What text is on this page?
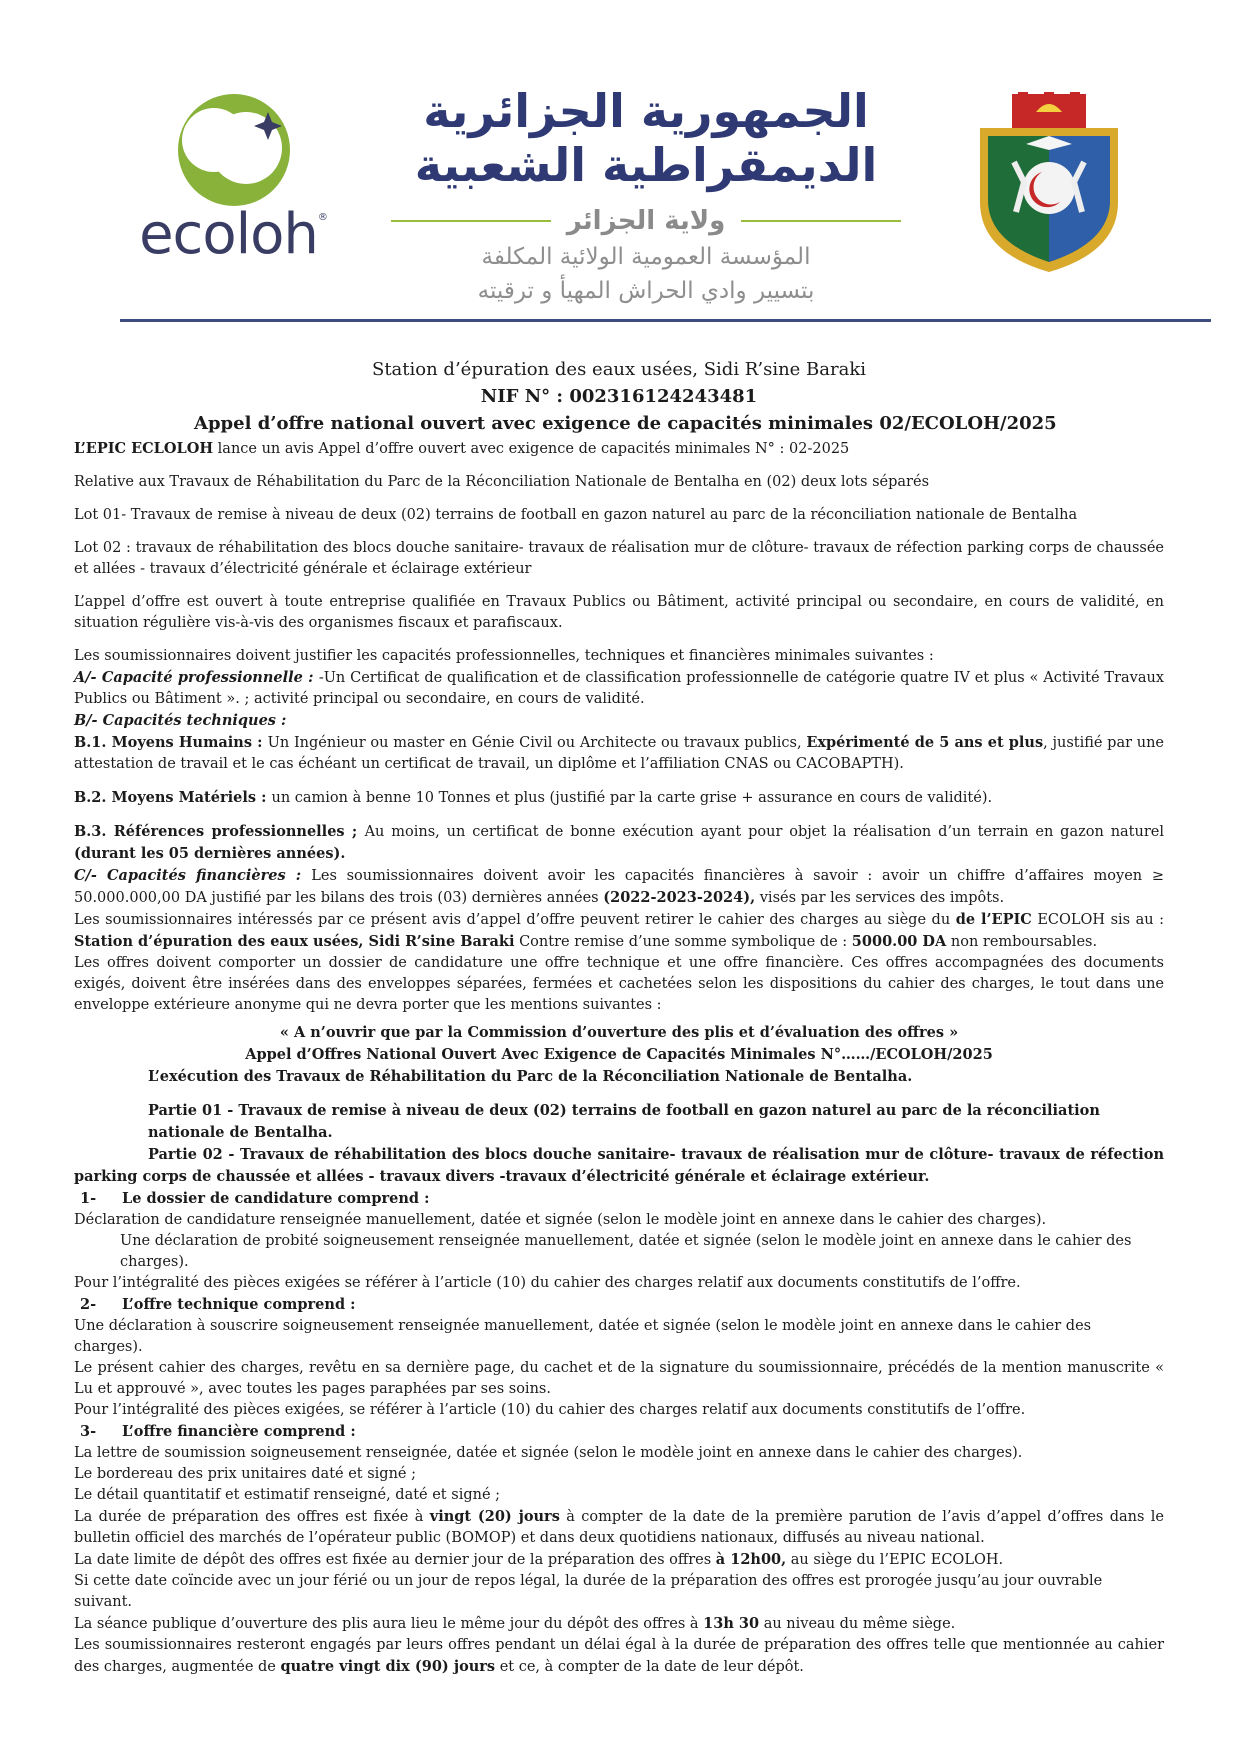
ecoloh®
الجمهورية الجزائرية الديمقراطية الشعبية
ولاية الجزائر
المؤسسة العمومية الولائية المكلفة
بتسيير وادي الحراش المهيأ و ترقيته

Station d’épuration des eaux usées, Sidi R’sine Baraki

NIF N° : 002316124243481

Appel d’offre national ouvert avec exigence de capacités minimales 02/ECOLOH/2025

L’EPIC ECLOLOH lance un avis Appel d’offre ouvert avec exigence de capacités minimales N° : 02-2025

Relative aux Travaux de Réhabilitation du Parc de la Réconciliation Nationale de Bentalha en (02) deux lots séparés

Lot 01- Travaux de remise à niveau de deux (02) terrains de football en gazon naturel au parc de la réconciliation nationale de Bentalha

Lot 02 : travaux de réhabilitation des blocs douche sanitaire- travaux de réalisation mur de clôture- travaux de réfection parking corps de chaussée et allées - travaux d’électricité générale et éclairage extérieur

L’appel d’offre est ouvert à toute entreprise qualifiée en Travaux Publics ou Bâtiment, activité principal ou secondaire, en cours de validité, en situation régulière vis-à-vis des organismes fiscaux et parafiscaux.

Les soumissionnaires doivent justifier les capacités professionnelles, techniques et financières minimales suivantes :

A/- Capacité professionnelle : -Un Certificat de qualification et de classification professionnelle de catégorie quatre IV et plus « Activité Travaux Publics ou Bâtiment ». ; activité principal ou secondaire, en cours de validité.

B/- Capacités techniques :

B.1. Moyens Humains : Un Ingénieur ou master en Génie Civil ou Architecte ou travaux publics, Expérimenté de 5 ans et plus, justifié par une attestation de travail et le cas échéant un certificat de travail, un diplôme et l’affiliation CNAS ou CACOBAPTH).

B.2. Moyens Matériels : un camion à benne 10 Tonnes et plus (justifié par la carte grise + assurance en cours de validité).

B.3. Références professionnelles ; Au moins, un certificat de bonne exécution ayant pour objet la réalisation d’un terrain en gazon naturel (durant les 05 dernières années).

C/- Capacités financières : Les soumissionnaires doivent avoir les capacités financières à savoir : avoir un chiffre d’affaires moyen ≥ 50.000.000,00 DA justifié par les bilans des trois (03) dernières années (2022-2023-2024), visés par les services des impôts.

Les soumissionnaires intéressés par ce présent avis d’appel d’offre peuvent retirer le cahier des charges au siège du de l’EPIC ECOLOH sis au : Station d’épuration des eaux usées, Sidi R’sine Baraki Contre remise d’une somme symbolique de : 5000.00 DA non remboursables.

Les offres doivent comporter un dossier de candidature une offre technique et une offre financière. Ces offres accompagnées des documents exigés, doivent être insérées dans des enveloppes séparées, fermées et cachetées selon les dispositions du cahier des charges, le tout dans une enveloppe extérieure anonyme qui ne devra porter que les mentions suivantes :

« A n’ouvrir que par la Commission d’ouverture des plis et d’évaluation des offres »

Appel d’Offres National Ouvert Avec Exigence de Capacités Minimales N°……/ECOLOH/2025

L’exécution des Travaux de Réhabilitation du Parc de la Réconciliation Nationale de Bentalha.

Partie 01 - Travaux de remise à niveau de deux (02) terrains de football en gazon naturel au parc de la réconciliation nationale de Bentalha.

Partie 02 - Travaux de réhabilitation des blocs douche sanitaire- travaux de réalisation mur de clôture- travaux de réfection parking corps de chaussée et allées - travaux divers -travaux d’électricité générale et éclairage extérieur.

1- Le dossier de candidature comprend :

Déclaration de candidature renseignée manuellement, datée et signée (selon le modèle joint en annexe dans le cahier des charges).

Une déclaration de probité soigneusement renseignée manuellement, datée et signée (selon le modèle joint en annexe dans le cahier des charges).

Pour l’intégralité des pièces exigées se référer à l’article (10) du cahier des charges relatif aux documents constitutifs de l’offre.

2- L’offre technique comprend :

Une déclaration à souscrire soigneusement renseignée manuellement, datée et signée (selon le modèle joint en annexe dans le cahier des charges).

Le présent cahier des charges, revêtu en sa dernière page, du cachet et de la signature du soumissionnaire, précédés de la mention manuscrite « Lu et approuvé », avec toutes les pages paraphées par ses soins.

Pour l’intégralité des pièces exigées, se référer à l’article (10) du cahier des charges relatif aux documents constitutifs de l’offre.

3- L’offre financière comprend :

La lettre de soumission soigneusement renseignée, datée et signée (selon le modèle joint en annexe dans le cahier des charges).

Le bordereau des prix unitaires daté et signé ;

Le détail quantitatif et estimatif renseigné, daté et signé ;

La durée de préparation des offres est fixée à vingt (20) jours à compter de la date de la première parution de l’avis d’appel d’offres dans le bulletin officiel des marchés de l’opérateur public (BOMOP) et dans deux quotidiens nationaux, diffusés au niveau national.

La date limite de dépôt des offres est fixée au dernier jour de la préparation des offres à 12h00, au siège du l’EPIC ECOLOH.

Si cette date coïncide avec un jour férié ou un jour de repos légal, la durée de la préparation des offres est prorogée jusqu’au jour ouvrable suivant.

La séance publique d’ouverture des plis aura lieu le même jour du dépôt des offres à 13h 30 au niveau du même siège.

Les soumissionnaires resteront engagés par leurs offres pendant un délai égal à la durée de préparation des offres telle que mentionnée au cahier des charges, augmentée de quatre vingt dix (90) jours et ce, à compter de la date de leur dépôt.
